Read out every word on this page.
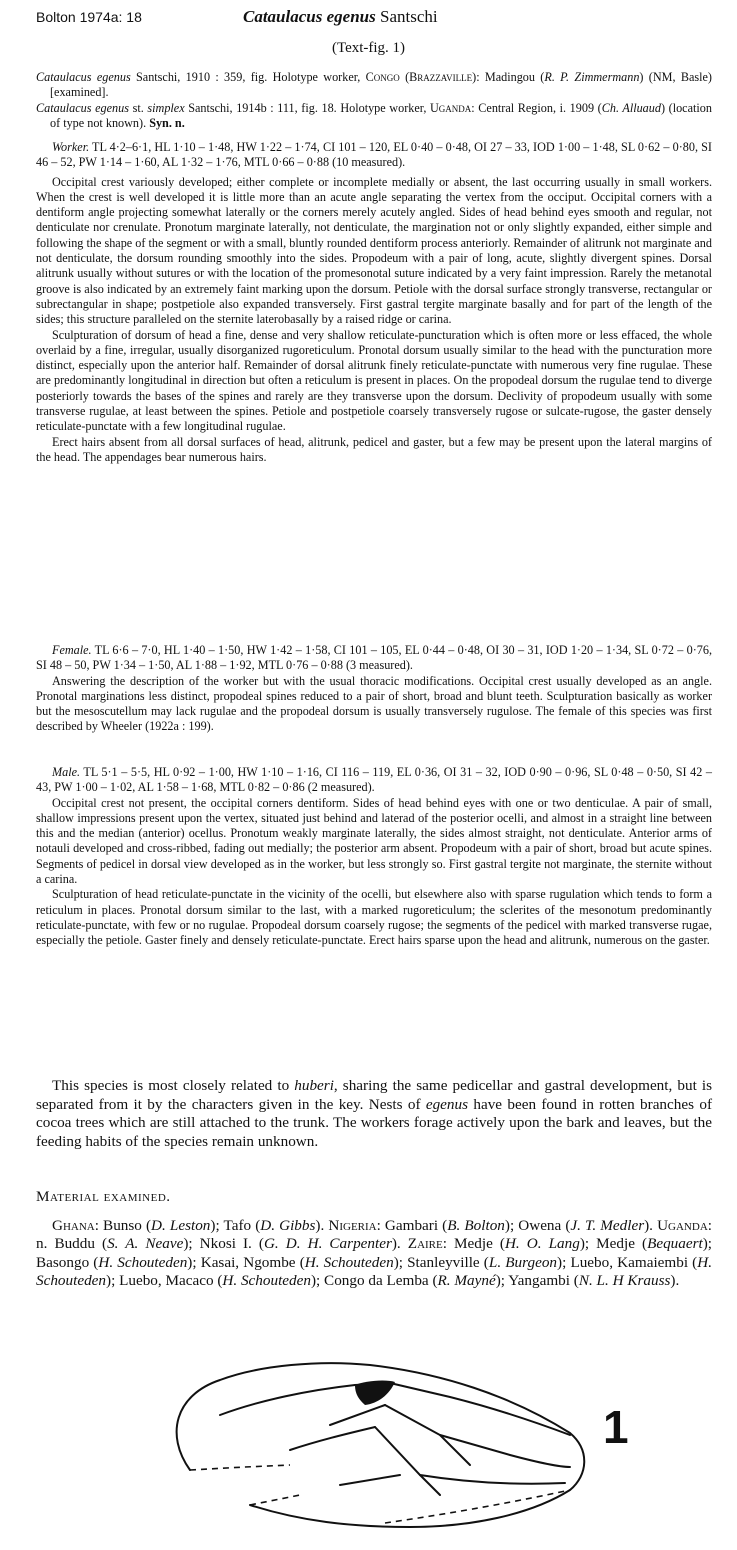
Bolton 1974a: 18	Cataulacus egenus Santschi
(Text-fig. 1)

Cataulacus egenus Santschi, 1910 : 359, fig. Holotype worker, Congo (Brazzaville): Madingou (R. P. Zimmermann) (NM, Basle) [examined].

Cataulacus egenus st. simplex Santschi, 1914b : 111, fig. 18. Holotype worker, Uganda: Central Region, i. 1909 (Ch. Alluaud) (location of type not known). Syn. n.

Worker. TL 4·2–6·1, HL 1·10 – 1·48, HW 1·22 – 1·74, CI 101 – 120, EL 0·40 – 0·48, OI 27 – 33, IOD 1·00 – 1·48, SL 0·62 – 0·80, SI 46 – 52, PW 1·14 – 1·60, AL 1·32 – 1·76, MTL 0·66 – 0·88 (10 measured).

Occipital crest variously developed; either complete or incomplete medially or absent, the last occurring usually in small workers. When the crest is well developed it is little more than an acute angle separating the vertex from the occiput. Occipital corners with a dentiform angle projecting somewhat laterally or the corners merely acutely angled. Sides of head behind eyes smooth and regular, not denticulate nor crenulate. Pronotum marginate laterally, not denticulate, the margination not or only slightly expanded, either simple and following the shape of the segment or with a small, bluntly rounded dentiform process anteriorly. Remainder of alitrunk not marginate and not denticulate, the dorsum rounding smoothly into the sides. Propodeum with a pair of long, acute, slightly divergent spines. Dorsal alitrunk usually without sutures or with the location of the promesonotal suture indicated by a very faint impression. Rarely the metanotal groove is also indicated by an extremely faint marking upon the dorsum. Petiole with the dorsal surface strongly transverse, rectangular or subrectangular in shape; postpetiole also expanded transversely. First gastral tergite marginate basally and for part of the length of the sides; this structure paralleled on the sternite laterobasally by a raised ridge or carina.

Sculpturation of dorsum of head a fine, dense and very shallow reticulate-puncturation which is often more or less effaced, the whole overlaid by a fine, irregular, usually disorganized rugoreticulum. Pronotal dorsum usually similar to the head with the puncturation more distinct, especially upon the anterior half. Remainder of dorsal alitrunk finely reticulate-punctate with numerous very fine rugulae. These are predominantly longitudinal in direction but often a reticulum is present in places. On the propodeal dorsum the rugulae tend to diverge posteriorly towards the bases of the spines and rarely are they transverse upon the dorsum. Declivity of propodeum usually with some transverse rugulae, at least between the spines. Petiole and postpetiole coarsely transversely rugose or sulcate-rugose, the gaster densely reticulate-punctate with a few longitudinal rugulae.

Erect hairs absent from all dorsal surfaces of head, alitrunk, pedicel and gaster, but a few may be present upon the lateral margins of the head. The appendages bear numerous hairs.

Female. TL 6·6 – 7·0, HL 1·40 – 1·50, HW 1·42 – 1·58, CI 101 – 105, EL 0·44 – 0·48, OI 30 – 31, IOD 1·20 – 1·34, SL 0·72 – 0·76, SI 48 – 50, PW 1·34 – 1·50, AL 1·88 – 1·92, MTL 0·76 – 0·88 (3 measured).

Answering the description of the worker but with the usual thoracic modifications. Occipital crest usually developed as an angle. Pronotal marginations less distinct, propodeal spines reduced to a pair of short, broad and blunt teeth. Sculpturation basically as worker but the mesoscutellum may lack rugulae and the propodeal dorsum is usually transversely rugulose. The female of this species was first described by Wheeler (1922a : 199).

Male. TL 5·1 – 5·5, HL 0·92 – 1·00, HW 1·10 – 1·16, CI 116 – 119, EL 0·36, OI 31 – 32, IOD 0·90 – 0·96, SL 0·48 – 0·50, SI 42 – 43, PW 1·00 – 1·02, AL 1·58 – 1·68, MTL 0·82 – 0·86 (2 measured).

Occipital crest not present, the occipital corners dentiform. Sides of head behind eyes with one or two denticulae. A pair of small, shallow impressions present upon the vertex, situated just behind and laterad of the posterior ocelli, and almost in a straight line between this and the median (anterior) ocellus. Pronotum weakly marginate laterally, the sides almost straight, not denticulate. Anterior arms of notauli developed and cross-ribbed, fading out medially; the posterior arm absent. Propodeum with a pair of short, broad but acute spines. Segments of pedicel in dorsal view developed as in the worker, but less strongly so. First gastral tergite not marginate, the sternite without a carina.

Sculpturation of head reticulate-punctate in the vicinity of the ocelli, but elsewhere also with sparse rugulation which tends to form a reticulum in places. Pronotal dorsum similar to the last, with a marked rugoreticulum; the sclerites of the mesonotum predominantly reticulate-punctate, with few or no rugulae. Propodeal dorsum coarsely rugose; the segments of the pedicel with marked transverse rugae, especially the petiole. Gaster finely and densely reticulate-punctate. Erect hairs sparse upon the head and alitrunk, numerous on the gaster.

This species is most closely related to huberi, sharing the same pedicellar and gastral development, but is separated from it by the characters given in the key. Nests of egenus have been found in rotten branches of cocoa trees which are still attached to the trunk. The workers forage actively upon the bark and leaves, but the feeding habits of the species remain unknown.

Material examined.

Ghana: Bunso (D. Leston); Tafo (D. Gibbs). Nigeria: Gambari (B. Bolton); Owena (J. T. Medler). Uganda: n. Buddu (S. A. Neave); Nkosi I. (G. D. H. Carpenter). Zaire: Medje (H. O. Lang); Medje (Bequaert); Basongo (H. Schouteden); Kasai, Ngombe (H. Schouteden); Stanleyville (L. Burgeon); Luebo, Kamaiembi (H. Schouteden); Luebo, Macaco (H. Schouteden); Congo da Lemba (R. Mayné); Yangambi (N. L. H Krauss).

1
